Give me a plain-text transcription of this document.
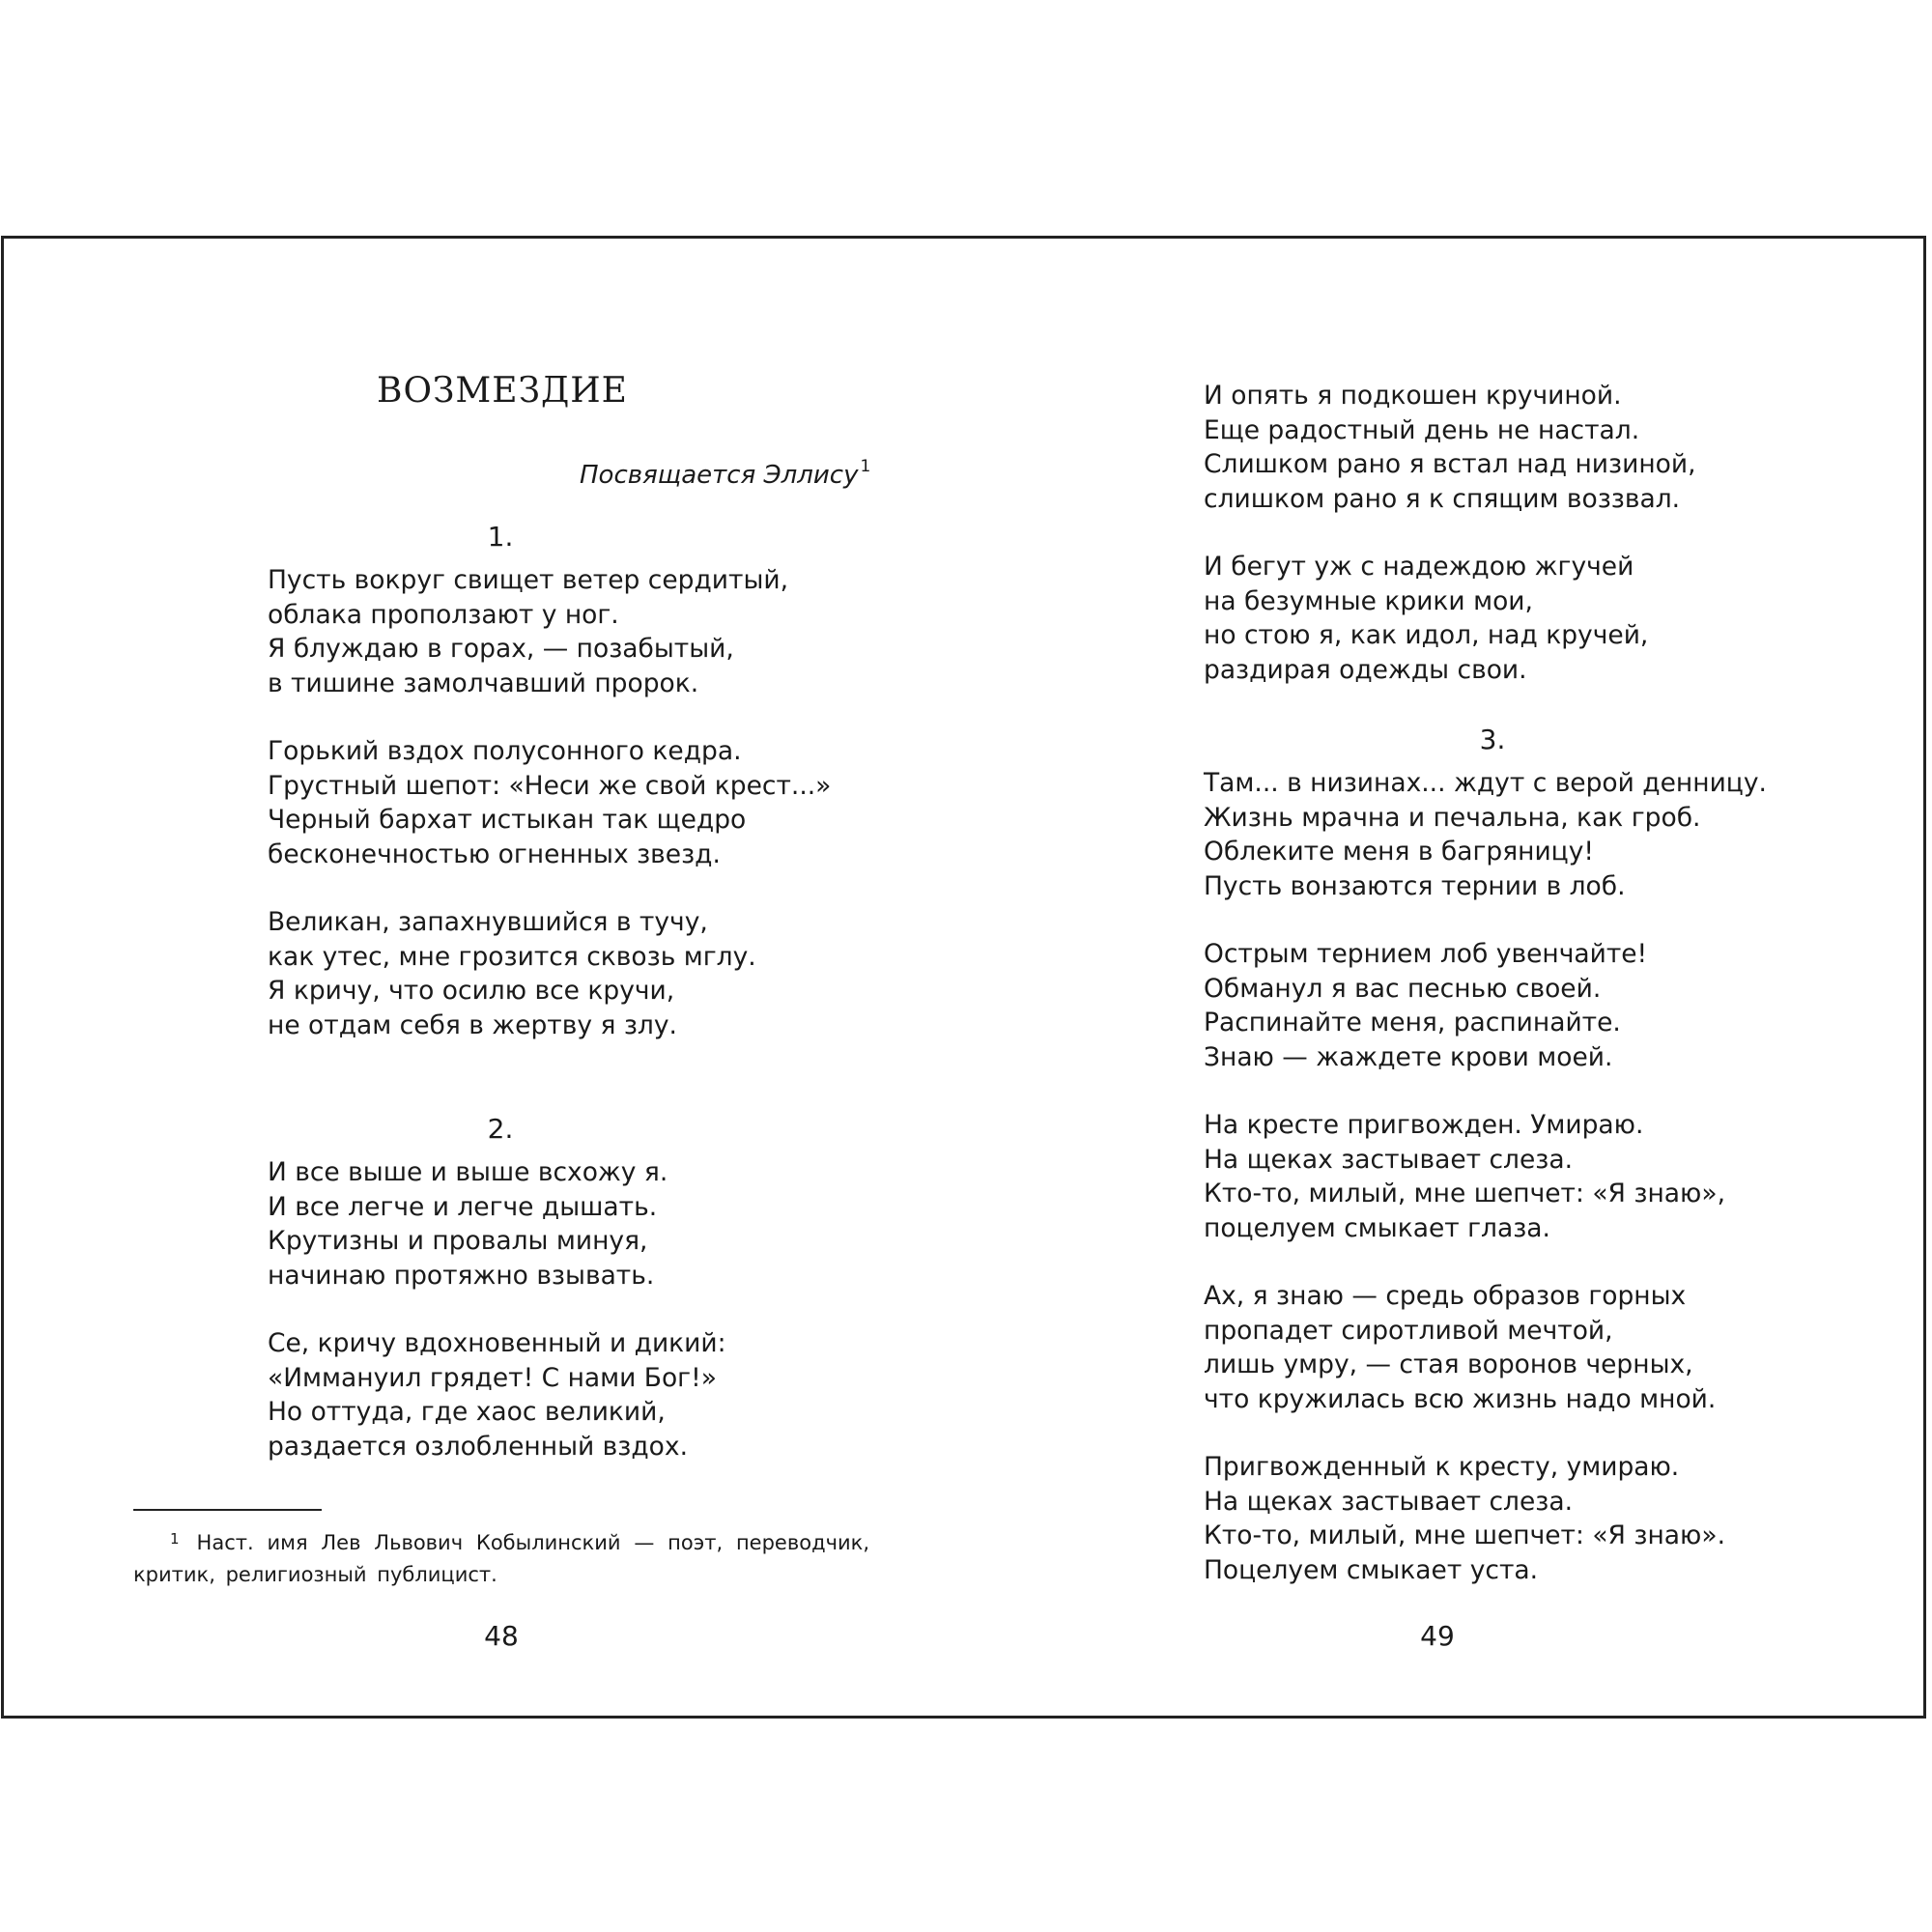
ВОЗМЕЗДИЕ
Посвящается Эллису $^1$
1.
Пусть вокруг свищет ветер сердитый,
облака проползают у ног.
Я блуждаю в горах, — позабытый,
в тишине замолчавший пророк.
Горький вздох полусонного кедра.
Грустный шепот: «Неси же свой крест...»
Черный бархат истыкан так щедро
бесконечностью огненных звезд.
Великан, запахнувшийся в тучу,
как утес, мне грозится сквозь мглу.
Я кричу, что осилю все кручи,
не отдам себя в жертву я злу.
2.
И все выше и выше всхожу я.
И все легче и легче дышать.
Крутизны и провалы минуя,
начинаю протяжно взывать.
Се, кричу вдохновенный и дикий:
«Иммануил грядет! С нами Бог!»
Но оттуда, где хаос великий,
раздается озлобленный вздох.
$^1$ Наст. имя Лев Львович Кобылинский — поэт, переводчик, критик, религиозный публицист.
48
И опять я подкошен кручиной.
Еще радостный день не настал.
Слишком рано я встал над низиной,
слишком рано я к спящим воззвал.
И бегут уж с надеждою жгучей
на безумные крики мои,
но стою я, как идол, над кручей,
раздирая одежды свои.
3.
Там... в низинах... ждут с верой денницу.
Жизнь мрачна и печальна, как гроб.
Облеките меня в багряницу!
Пусть вонзаются тернии в лоб.
Острым тернием лоб увенчайте!
Обманул я вас песнью своей.
Распинайте меня, распинайте.
Знаю — жаждете крови моей.
На кресте пригвожден. Умираю.
На щеках застывает слеза.
Кто-то, милый, мне шепчет: «Я знаю»,
поцелуем смыкает глаза.
Ах, я знаю — средь образов горных
пропадет сиротливой мечтой,
лишь умру, — стая воронов черных,
что кружилась всю жизнь надо мной.
Пригвожденный к кресту, умираю.
На щеках застывает слеза.
Кто-то, милый, мне шепчет: «Я знаю».
Поцелуем смыкает уста.
49
